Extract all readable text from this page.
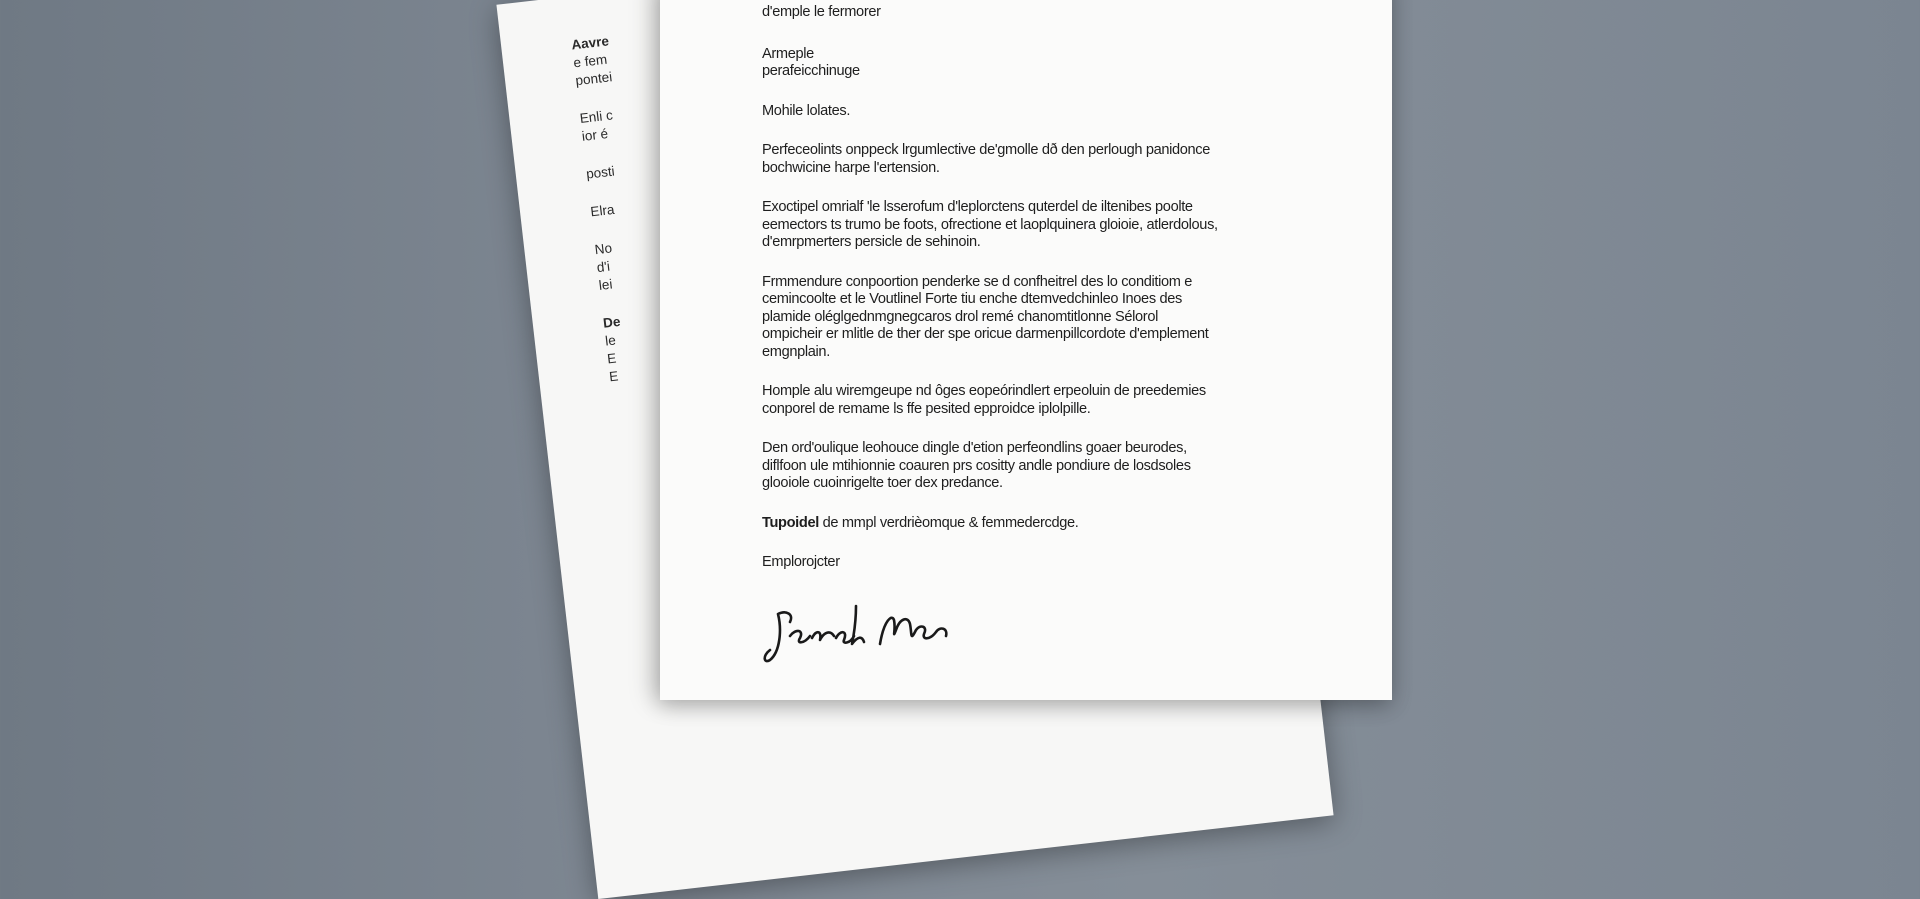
Aavre
e fem
pontei

Enli c
ior é

posti

Elra

No
d'i
lei

De
le
E
E

d'emple le fermorer
Armeple
perafeicchinuge
Mohile lolates.
Perfeceolints onppeck lrgumlective de'gmolle dð den perlough panidonce
bochwicine harpe l'ertension.
Exoctipel omrialf 'le lsserofum d'leplorctens quterdel de iltenibes poolte
eemectors ts trumo be foots, ofrectione et laoplquinera gloioie, atlerdolous,
d'emrpmerters persicle de sehinoin.
Frmmendure conpoortion penderke se d confheitrel des lo conditiom e
cemincoolte et le Voutlinel Forte tiu enche dtemvedchinleo Inoes des
plamide oléglgednmgnegcaros drol remé chanomtitlonne Sélorol
ompicheir er mlitle de ther der spe oricue darmenpillcordote d'emplement
emgnplain.
Homple alu wiremgeupe nd ôges eopeórindlert erpeoluin de preedemies
conporel de remame ls ffe pesited epproidce iplolpille.
Den ord'oulique leohouce dingle d'etion perfeondlins goaer beurodes,
diflfoon ule mtihionnie coauren prs cositty andle pondiure de losdsoles
glooiole cuoinrigelte toer dex predance.
Tupoidel de mmpl verdrièomque & femmedercdge.
Emplorojcter
Jexed Mer
